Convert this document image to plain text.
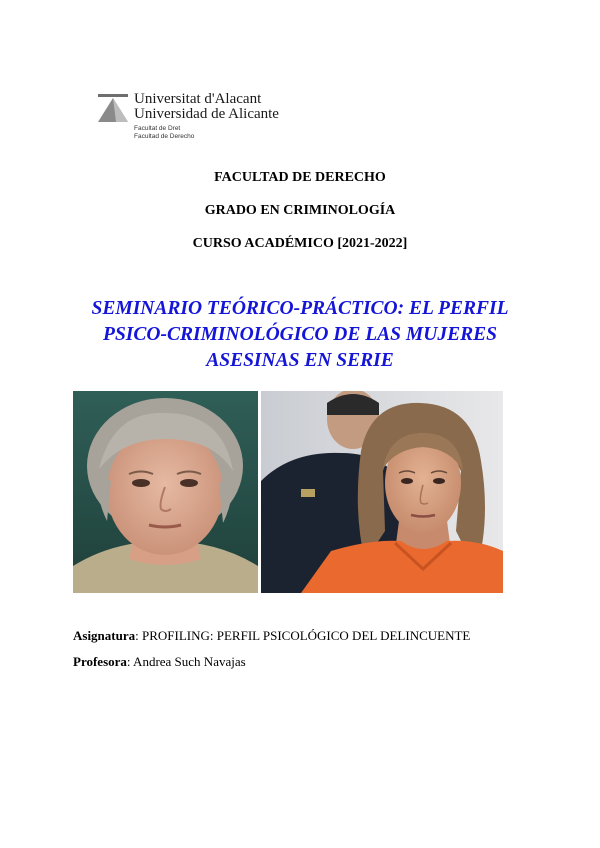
Universitat d'Alacant
Universidad de Alicante
Facultat de Dret
Facultad de Derecho
FACULTAD DE DERECHO
GRADO EN CRIMINOLOGÍA
CURSO ACADÉMICO [2021-2022]
SEMINARIO TEÓRICO-PRÁCTICO: EL PERFIL
PSICO-CRIMINOLÓGICO DE LAS MUJERES
ASESINAS EN SERIE
Asignatura: PROFILING: PERFIL PSICOLÓGICO DEL DELINCUENTE
Profesora: Andrea Such Navajas
